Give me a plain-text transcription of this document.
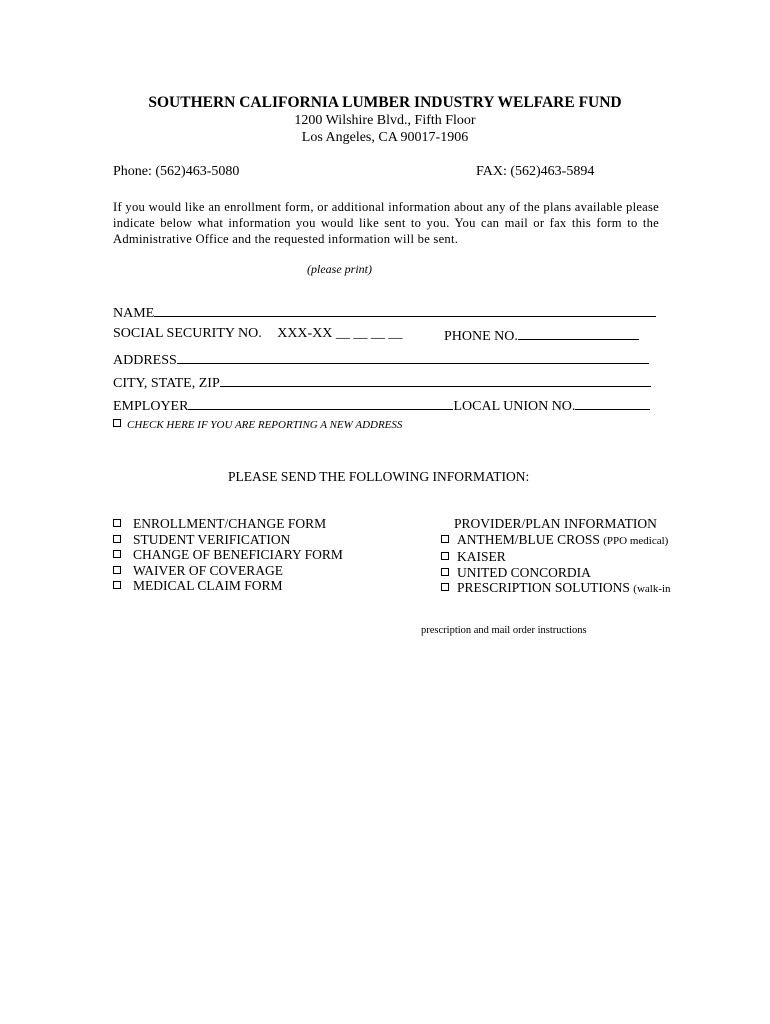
SOUTHERN CALIFORNIA LUMBER INDUSTRY WELFARE FUND
1200 Wilshire Blvd., Fifth Floor
Los Angeles, CA 90017-1906
Phone: (562)463-5080	FAX: (562)463-5894
If you would like an enrollment form, or additional information about any of the plans available please indicate below what information you would like sent to you. You can mail or fax this form to the Administrative Office and the requested information will be sent.
(please print)
NAME
SOCIAL SECURITY NO. XXX-XX __ __ __ __	PHONE NO.
ADDRESS
CITY, STATE, ZIP
EMPLOYER	LOCAL UNION NO.
CHECK HERE IF YOU ARE REPORTING A NEW ADDRESS
PLEASE SEND THE FOLLOWING INFORMATION:
ENROLLMENT/CHANGE FORM
STUDENT VERIFICATION
CHANGE OF BENEFICIARY FORM
WAIVER OF COVERAGE
MEDICAL CLAIM FORM
PROVIDER/PLAN INFORMATION
ANTHEM/BLUE CROSS (PPO medical)
KAISER
UNITED CONCORDIA
PRESCRIPTION SOLUTIONS (walk-in
prescription and mail order instructions
